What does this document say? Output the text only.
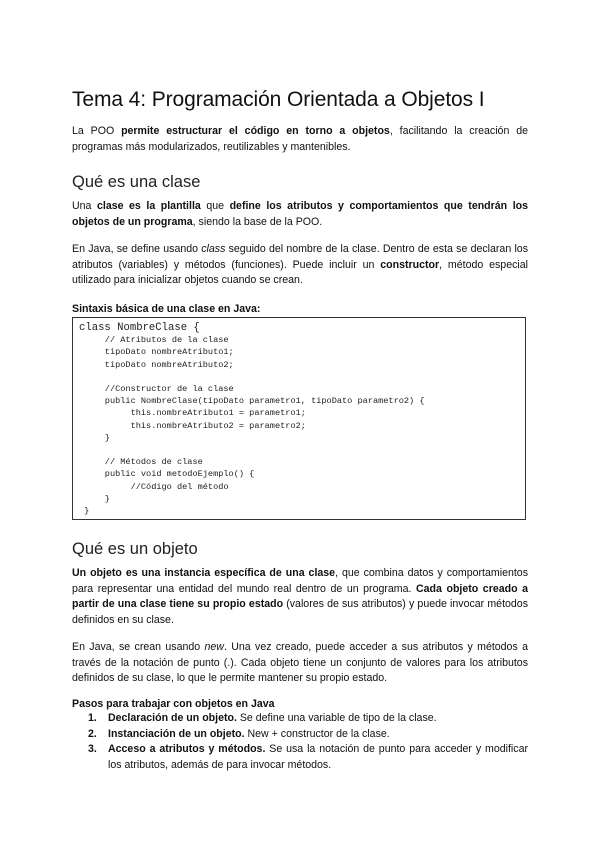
Tema 4: Programación Orientada a Objetos I

La POO permite estructurar el código en torno a objetos, facilitando la creación de programas más modularizados, reutilizables y mantenibles.

Qué es una clase

Una clase es la plantilla que define los atributos y comportamientos que tendrán los objetos de un programa, siendo la base de la POO.

En Java, se define usando class seguido del nombre de la clase. Dentro de esta se declaran los atributos (variables) y métodos (funciones). Puede incluir un constructor, método especial utilizado para inicializar objetos cuando se crean.

Sintaxis básica de una clase en Java:
class NombreClase {
// Atributos de la clase
tipoDato nombreAtributo1;
tipoDato nombreAtributo2;

//Constructor de la clase
public NombreClase(tipoDato parametro1, tipoDato parametro2) {
this.nombreAtributo1 = parametro1;
this.nombreAtributo2 = parametro2;
}

// Métodos de clase
public void metodoEjemplo() {
//Código del método
}
}
Qué es un objeto

Un objeto es una instancia específica de una clase, que combina datos y comportamientos para representar una entidad del mundo real dentro de un programa. Cada objeto creado a partir de una clase tiene su propio estado (valores de sus atributos) y puede invocar métodos definidos en su clase.

En Java, se crean usando new. Una vez creado, puede acceder a sus atributos y métodos a través de la notación de punto (.). Cada objeto tiene un conjunto de valores para los atributos definidos de su clase, lo que le permite mantener su propio estado.

Pasos para trabajar con objetos en Java

1. Declaración de un objeto. Se define una variable de tipo de la clase.
2. Instanciación de un objeto. New + constructor de la clase.
3. Acceso a atributos y métodos. Se usa la notación de punto para acceder y modificar los atributos, además de para invocar métodos.
